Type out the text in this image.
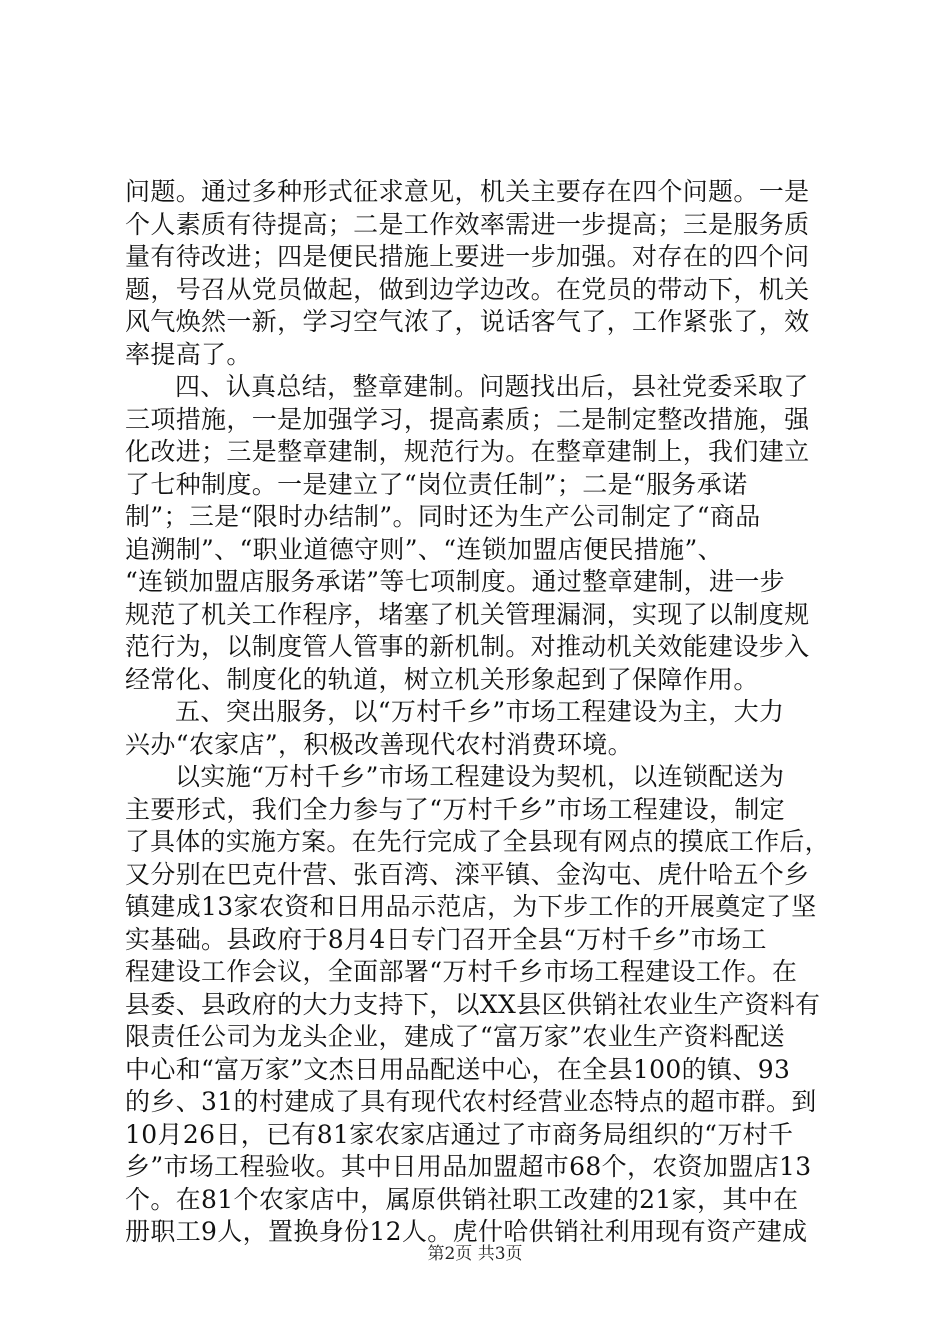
问题。通过多种形式征求意见，机关主要存在四个问题。一是
个人素质有待提高；二是工作效率需进一步提高；三是服务质
量有待改进；四是便民措施上要进一步加强。对存在的四个问
题，号召从党员做起，做到边学边改。在党员的带动下，机关
风气焕然一新，学习空气浓了，说话客气了，工作紧张了，效
率提高了。
四、认真总结，整章建制。问题找出后，县社党委采取了
三项措施，一是加强学习，提高素质；二是制定整改措施，强
化改进；三是整章建制，规范行为。在整章建制上，我们建立
了七种制度。一是建立了“岗位责任制”；二是“服务承诺
制”；三是“限时办结制”。同时还为生产公司制定了“商品
追溯制”、“职业道德守则”、“连锁加盟店便民措施”、
“连锁加盟店服务承诺”等七项制度。通过整章建制，进一步
规范了机关工作程序，堵塞了机关管理漏洞，实现了以制度规
范行为，以制度管人管事的新机制。对推动机关效能建设步入
经常化、制度化的轨道，树立机关形象起到了保障作用。
五、突出服务，以“万村千乡”市场工程建设为主，大力
兴办“农家店”，积极改善现代农村消费环境。
以实施“万村千乡”市场工程建设为契机，以连锁配送为
主要形式，我们全力参与了“万村千乡”市场工程建设，制定
了具体的实施方案。在先行完成了全县现有网点的摸底工作后，
又分别在巴克什营、张百湾、滦平镇、金沟屯、虎什哈五个乡
镇建成13家农资和日用品示范店，为下步工作的开展奠定了坚
实基础。县政府于8月4日专门召开全县“万村千乡”市场工
程建设工作会议，全面部署“万村千乡市场工程建设工作。在
县委、县政府的大力支持下，以XX县区供销社农业生产资料有
限责任公司为龙头企业，建成了“富万家”农业生产资料配送
中心和“富万家”文杰日用品配送中心，在全县100的镇、93
的乡、31的村建成了具有现代农村经营业态特点的超市群。到
10月26日，已有81家农家店通过了市商务局组织的“万村千
乡”市场工程验收。其中日用品加盟超市68个，农资加盟店13
个。在81个农家店中，属原供销社职工改建的21家，其中在
册职工9人，置换身份12人。虎什哈供销社利用现有资产建成
第2页 共3页
